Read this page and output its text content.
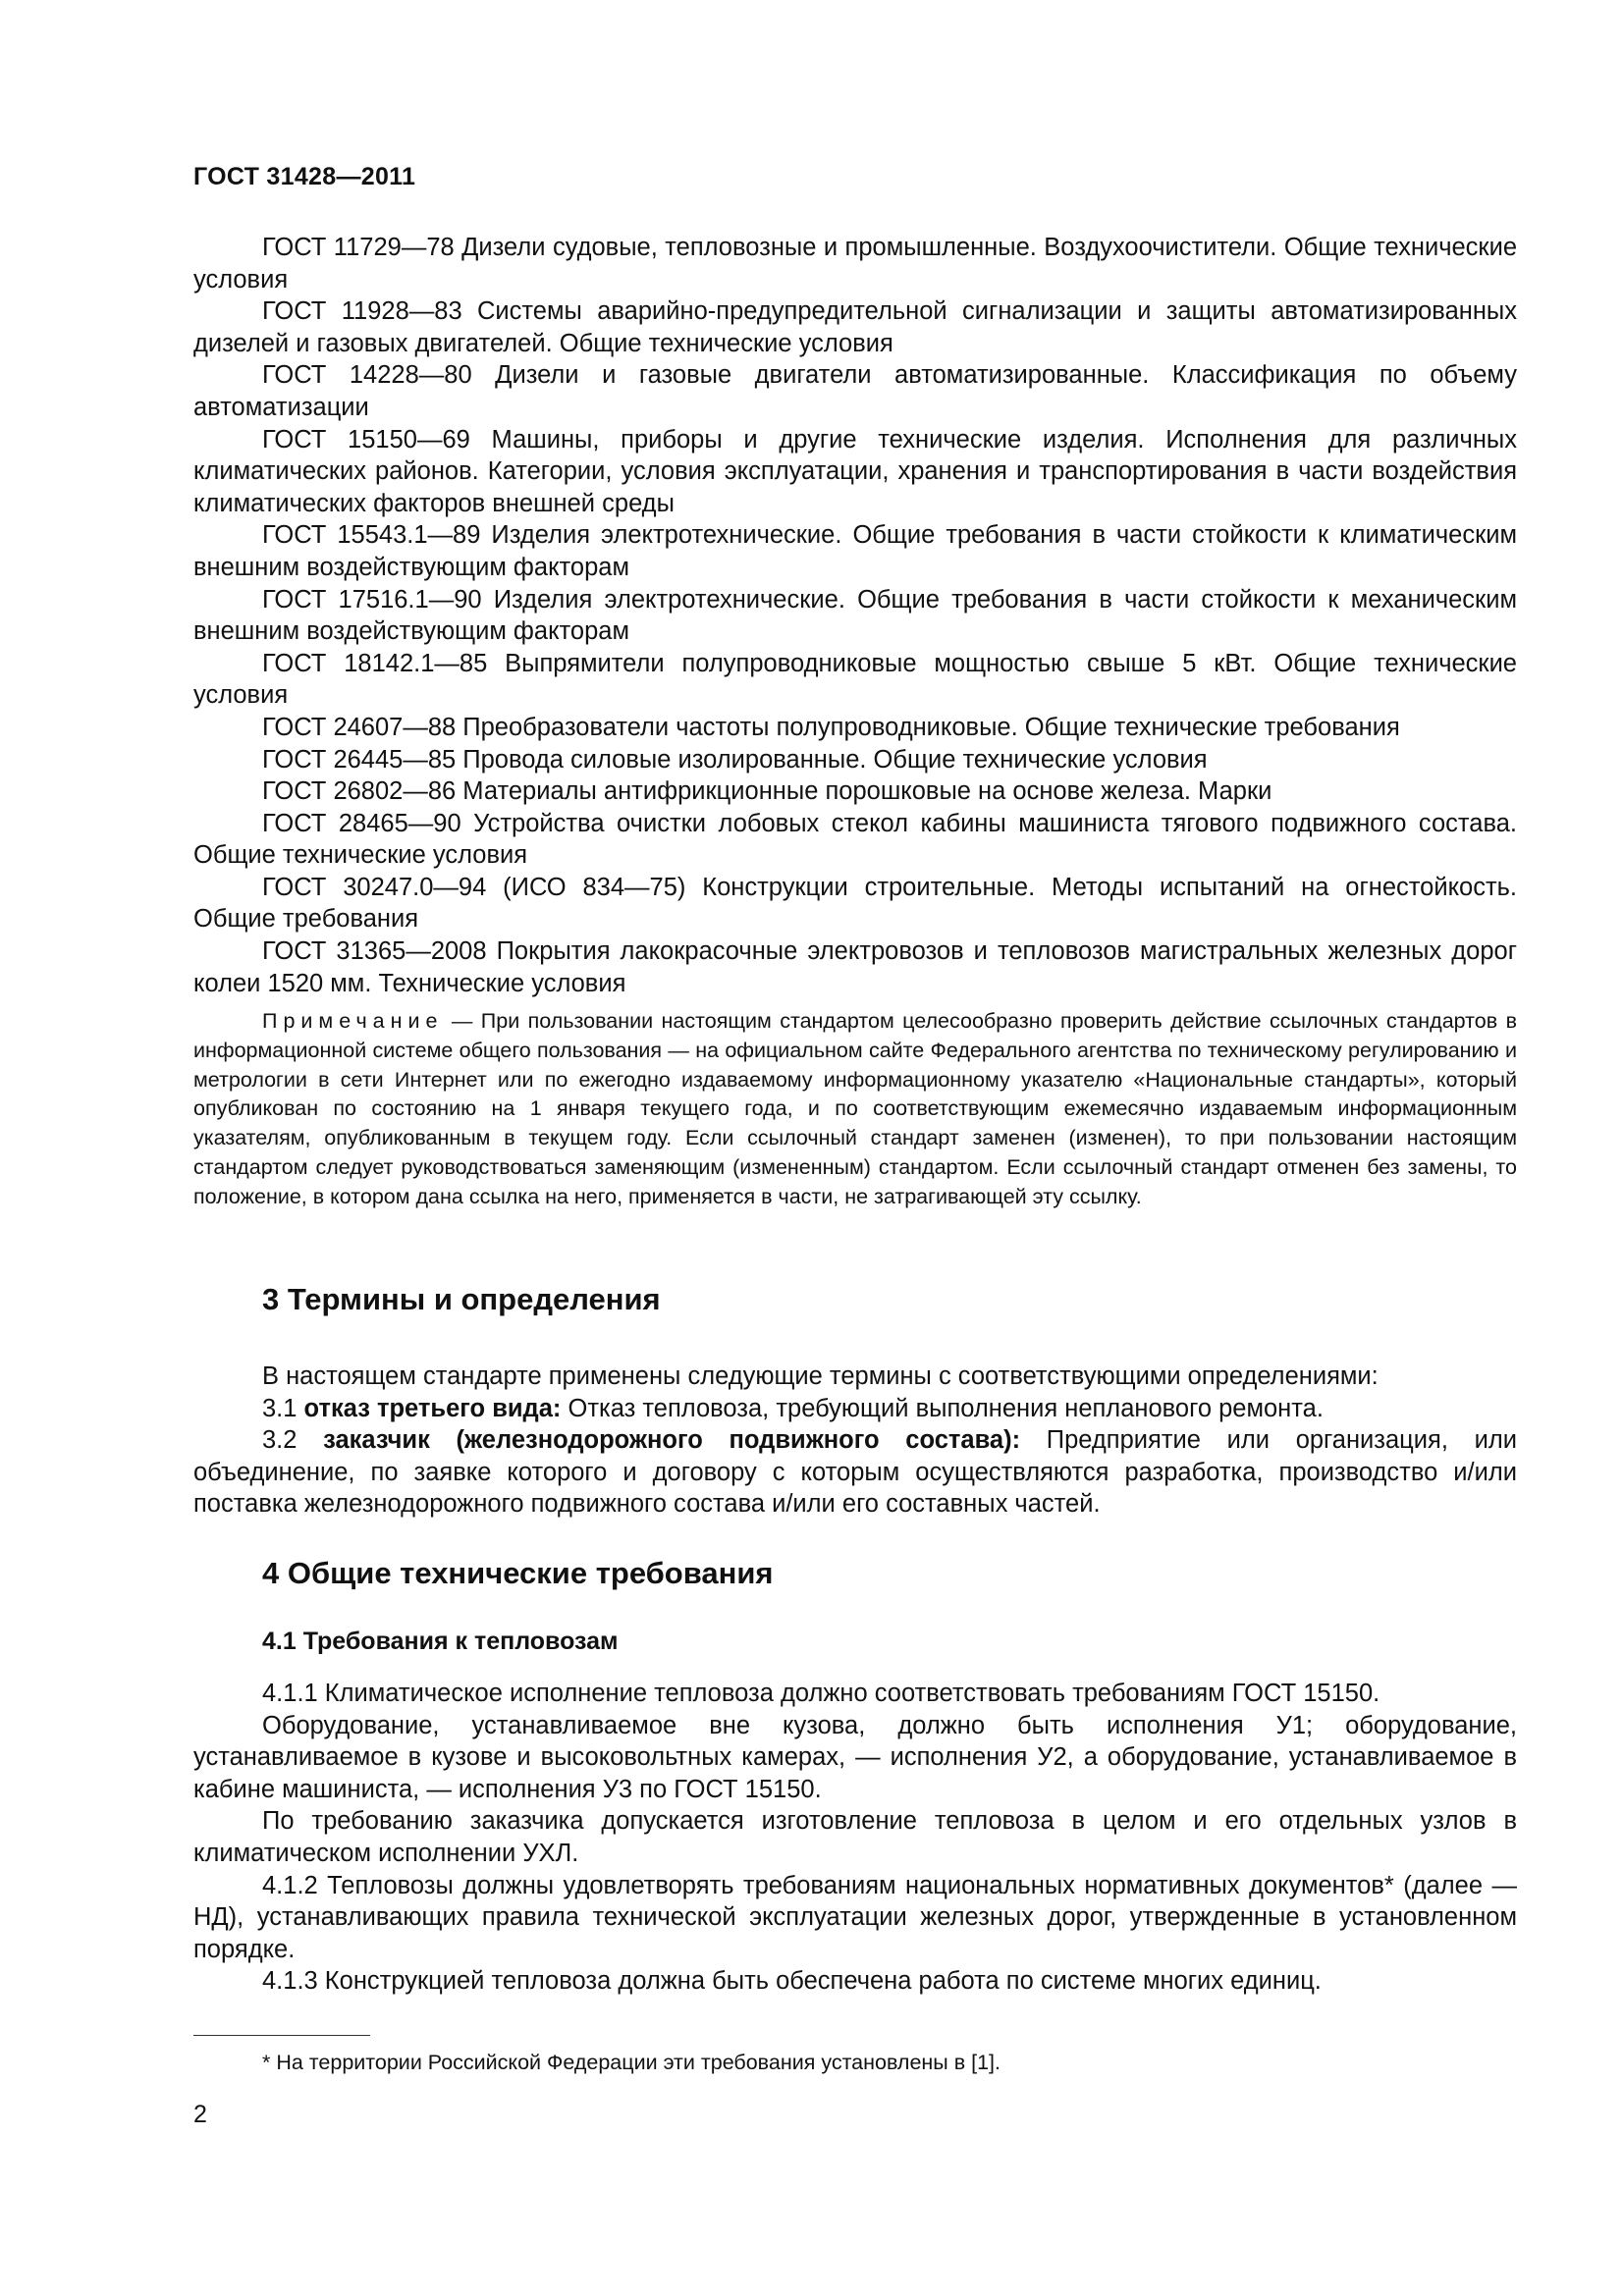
ГОСТ 31428—2011

ГОСТ 11729—78 Дизели судовые, тепловозные и промышленные. Воздухоочистители. Общие технические условия

ГОСТ 11928—83 Системы аварийно-предупредительной сигнализации и защиты автоматизированных дизелей и газовых двигателей. Общие технические условия

ГОСТ 14228—80 Дизели и газовые двигатели автоматизированные. Классификация по объему автоматизации

ГОСТ 15150—69 Машины, приборы и другие технические изделия. Исполнения для различных климатических районов. Категории, условия эксплуатации, хранения и транспортирования в части воздействия климатических факторов внешней среды

ГОСТ 15543.1—89 Изделия электротехнические. Общие требования в части стойкости к климатическим внешним воздействующим факторам

ГОСТ 17516.1—90 Изделия электротехнические. Общие требования в части стойкости к механическим внешним воздействующим факторам

ГОСТ 18142.1—85 Выпрямители полупроводниковые мощностью свыше 5 кВт. Общие технические условия

ГОСТ 24607—88 Преобразователи частоты полупроводниковые. Общие технические требования

ГОСТ 26445—85 Провода силовые изолированные. Общие технические условия

ГОСТ 26802—86 Материалы антифрикционные порошковые на основе железа. Марки

ГОСТ 28465—90 Устройства очистки лобовых стекол кабины машиниста тягового подвижного состава. Общие технические условия

ГОСТ 30247.0—94 (ИСО 834—75) Конструкции строительные. Методы испытаний на огнестойкость. Общие требования

ГОСТ 31365—2008 Покрытия лакокрасочные электровозов и тепловозов магистральных железных дорог колеи 1520 мм. Технические условия

Примечание — При пользовании настоящим стандартом целесообразно проверить действие ссылочных стандартов в информационной системе общего пользования — на официальном сайте Федерального агентства по техническому регулированию и метрологии в сети Интернет или по ежегодно издаваемому информационному указателю «Национальные стандарты», который опубликован по состоянию на 1 января текущего года, и по соответствующим ежемесячно издаваемым информационным указателям, опубликованным в текущем году. Если ссылочный стандарт заменен (изменен), то при пользовании настоящим стандартом следует руководствоваться заменяющим (измененным) стандартом. Если ссылочный стандарт отменен без замены, то положение, в котором дана ссылка на него, применяется в части, не затрагивающей эту ссылку.

3 Термины и определения

В настоящем стандарте применены следующие термины с соответствующими определениями:

3.1 отказ третьего вида: Отказ тепловоза, требующий выполнения непланового ремонта.

3.2 заказчик (железнодорожного подвижного состава): Предприятие или организация, или объединение, по заявке которого и договору с которым осуществляются разработка, производство и/или поставка железнодорожного подвижного состава и/или его составных частей.

4 Общие технические требования
4.1 Требования к тепловозам

4.1.1 Климатическое исполнение тепловоза должно соответствовать требованиям ГОСТ 15150.

Оборудование, устанавливаемое вне кузова, должно быть исполнения У1; оборудование, устанавливаемое в кузове и высоковольтных камерах, — исполнения У2, а оборудование, устанавливаемое в кабине машиниста, — исполнения У3 по ГОСТ 15150.

По требованию заказчика допускается изготовление тепловоза в целом и его отдельных узлов в климатическом исполнении УХЛ.

4.1.2 Тепловозы должны удовлетворять требованиям национальных нормативных документов* (далее — НД), устанавливающих правила технической эксплуатации железных дорог, утвержденные в установленном порядке.

4.1.3 Конструкцией тепловоза должна быть обеспечена работа по системе многих единиц.

* На территории Российской Федерации эти требования установлены в [1].
2
